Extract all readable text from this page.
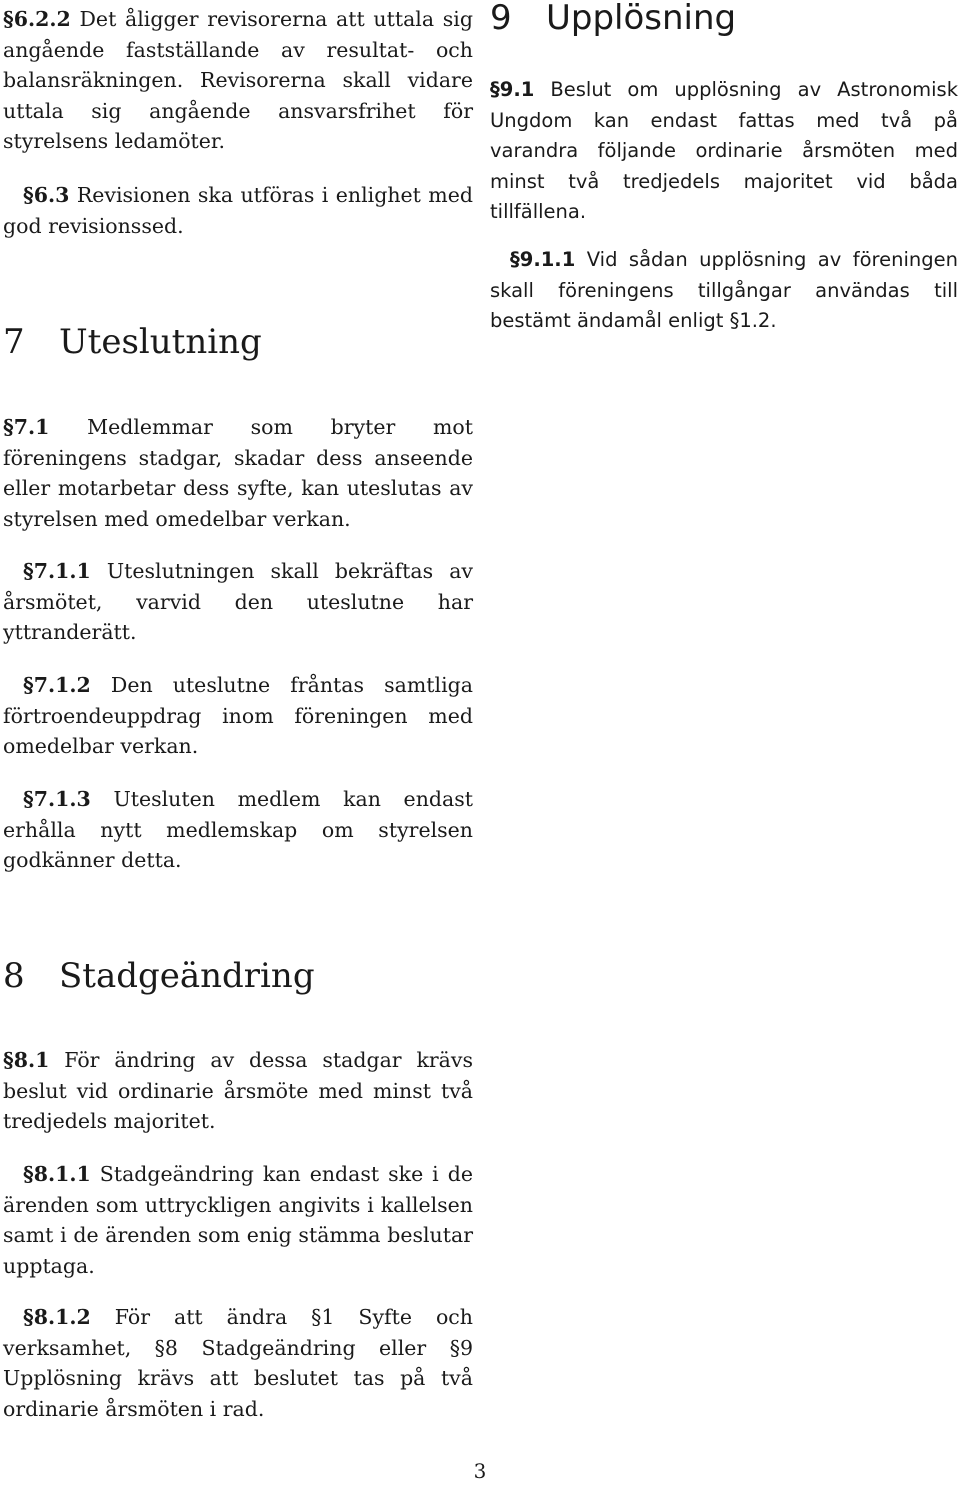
§6.2.2 Det åligger revisorerna att uttala sig angående fastställande av resultat- och balansräkningen. Revisorerna skall vidare uttala sig angående ansvarsfrihet för styrelsens ledamöter.

§6.3 Revisionen ska utföras i enlighet med god revisionssed.

7 Uteslutning

§7.1 Medlemmar som bryter mot föreningens stadgar, skadar dess anseende eller motarbetar dess syfte, kan uteslutas av styrelsen med omedelbar verkan.

§7.1.1 Uteslutningen skall bekräftas av årsmötet, varvid den uteslutne har yttranderätt.

§7.1.2 Den uteslutne fråntas samtliga förtroendeuppdrag inom föreningen med omedelbar verkan.

§7.1.3 Utesluten medlem kan endast erhålla nytt medlemskap om styrelsen godkänner detta.

8 Stadgeändring

§8.1 För ändring av dessa stadgar krävs beslut vid ordinarie årsmöte med minst två tredjedels majoritet.

§8.1.1 Stadgeändring kan endast ske i de ärenden som uttryckligen angivits i kallelsen samt i de ärenden som enig stämma beslutar upptaga.

§8.1.2 För att ändra §1 Syfte och verksamhet, §8 Stadgeändring eller §9 Upplösning krävs att beslutet tas på två ordinarie årsmöten i rad.

9 Upplösning

§9.1 Beslut om upplösning av Astronomisk Ungdom kan endast fattas med två på varandra följande ordinarie årsmöten med minst två tredjedels majoritet vid båda tillfällena.

§9.1.1 Vid sådan upplösning av föreningen skall föreningens tillgångar användas till bestämt ändamål enligt §1.2.

3
